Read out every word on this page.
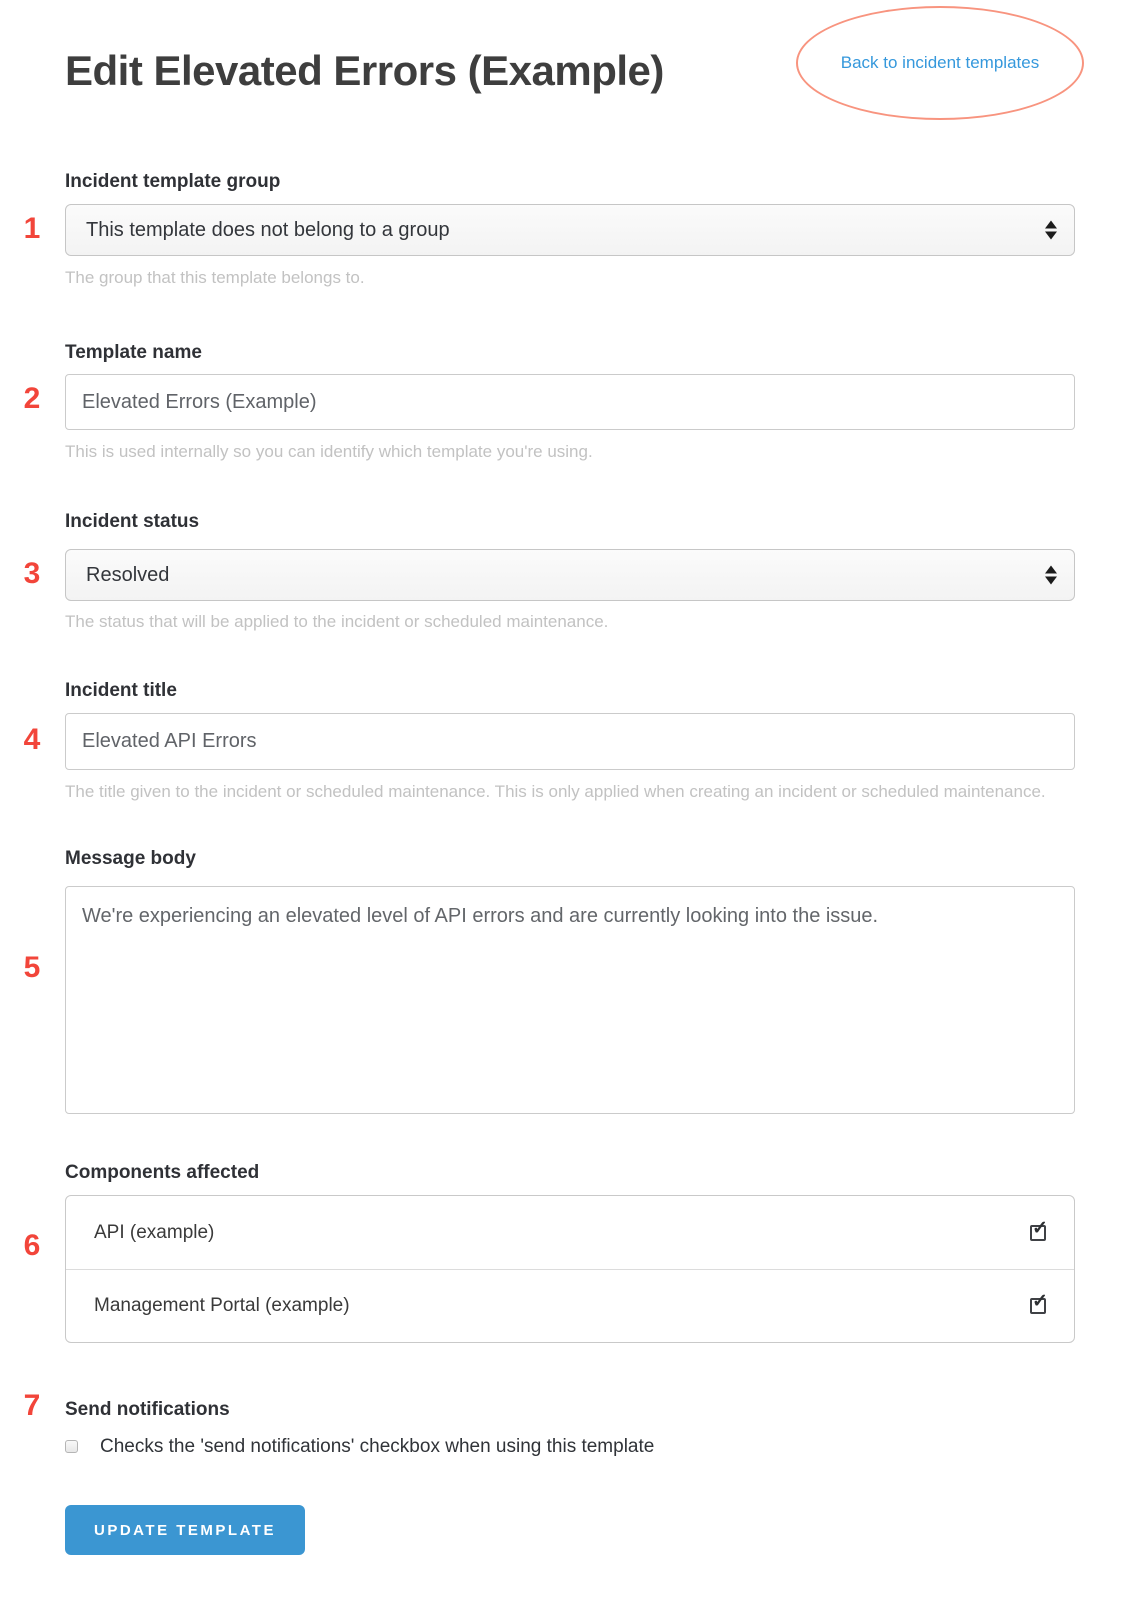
1
2
3
4
5
6
7
Back to incident templates
Edit Elevated Errors (Example)
Incident template group
This template does not belong to a group
The group that this template belongs to.
Template name
Elevated Errors (Example)
This is used internally so you can identify which template you're using.
Incident status
Resolved
The status that will be applied to the incident or scheduled maintenance.
Incident title
Elevated API Errors
The title given to the incident or scheduled maintenance. This is only applied when creating an incident or scheduled maintenance.
Message body
We're experiencing an elevated level of API errors and are currently looking into the issue.
Components affected
API (example)	✓
Management Portal (example)	✓
Send notifications
Checks the 'send notifications' checkbox when using this template
UPDATE TEMPLATE
